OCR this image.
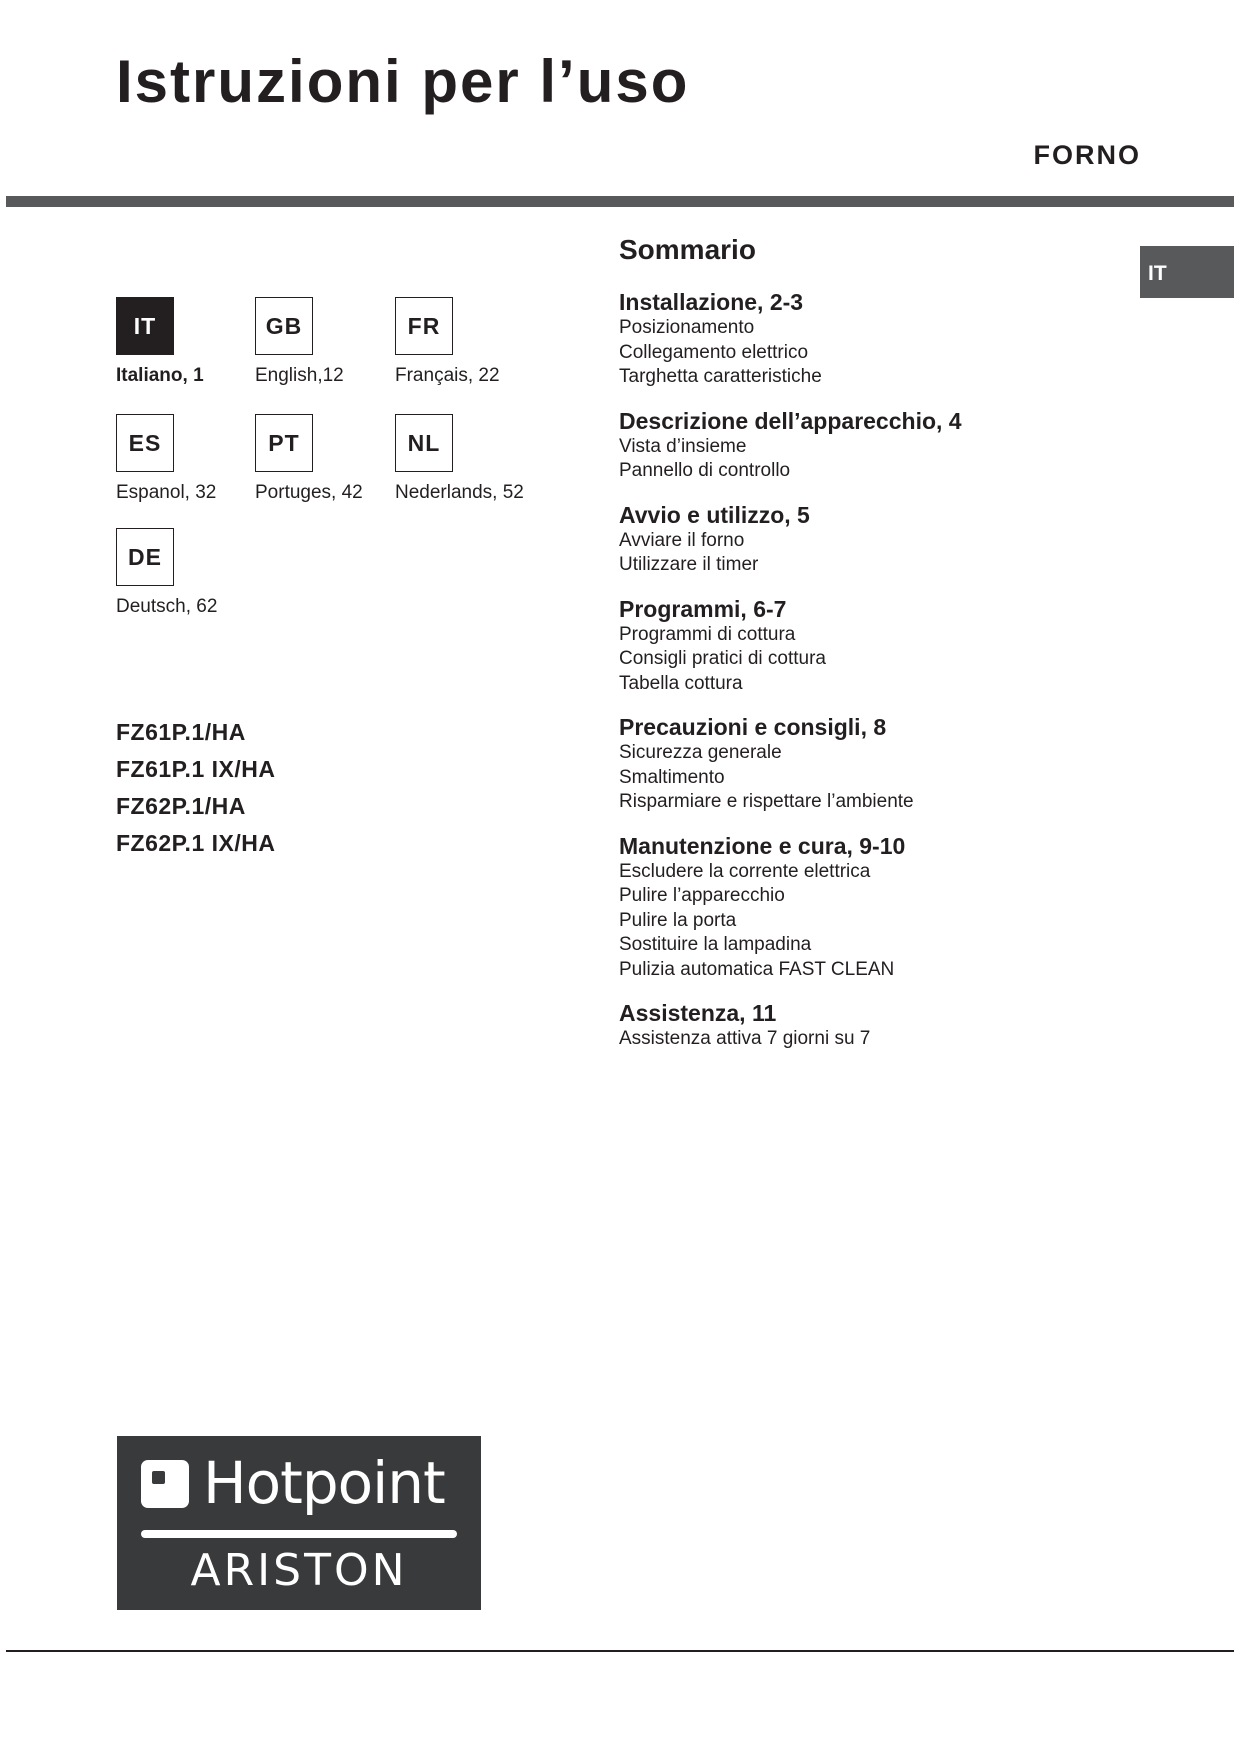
Istruzioni per l’uso
FORNO
IT
IT
Italiano, 1
GB
English,12
FR
Français, 22
ES
Espanol, 32
PT
Portuges, 42
NL
Nederlands, 52
DE
Deutsch, 62
FZ61P.1/HA
FZ61P.1 IX/HA
FZ62P.1/HA
FZ62P.1 IX/HA
Sommario
Installazione, 2-3
Posizionamento
Collegamento elettrico
Targhetta caratteristiche
Descrizione dell’apparecchio, 4
Vista d’insieme
Pannello di controllo
Avvio e utilizzo, 5
Avviare il forno
Utilizzare il timer
Programmi, 6-7
Programmi di cottura
Consigli pratici di cottura
Tabella cottura
Precauzioni e consigli, 8
Sicurezza generale
Smaltimento
Risparmiare e rispettare l’ambiente
Manutenzione e cura, 9-10
Escludere la corrente elettrica
Pulire l’apparecchio
Pulire la porta
Sostituire la lampadina
Pulizia automatica FAST CLEAN
Assistenza, 11
Assistenza attiva 7 giorni su 7
Hotpoint
ARISTON
